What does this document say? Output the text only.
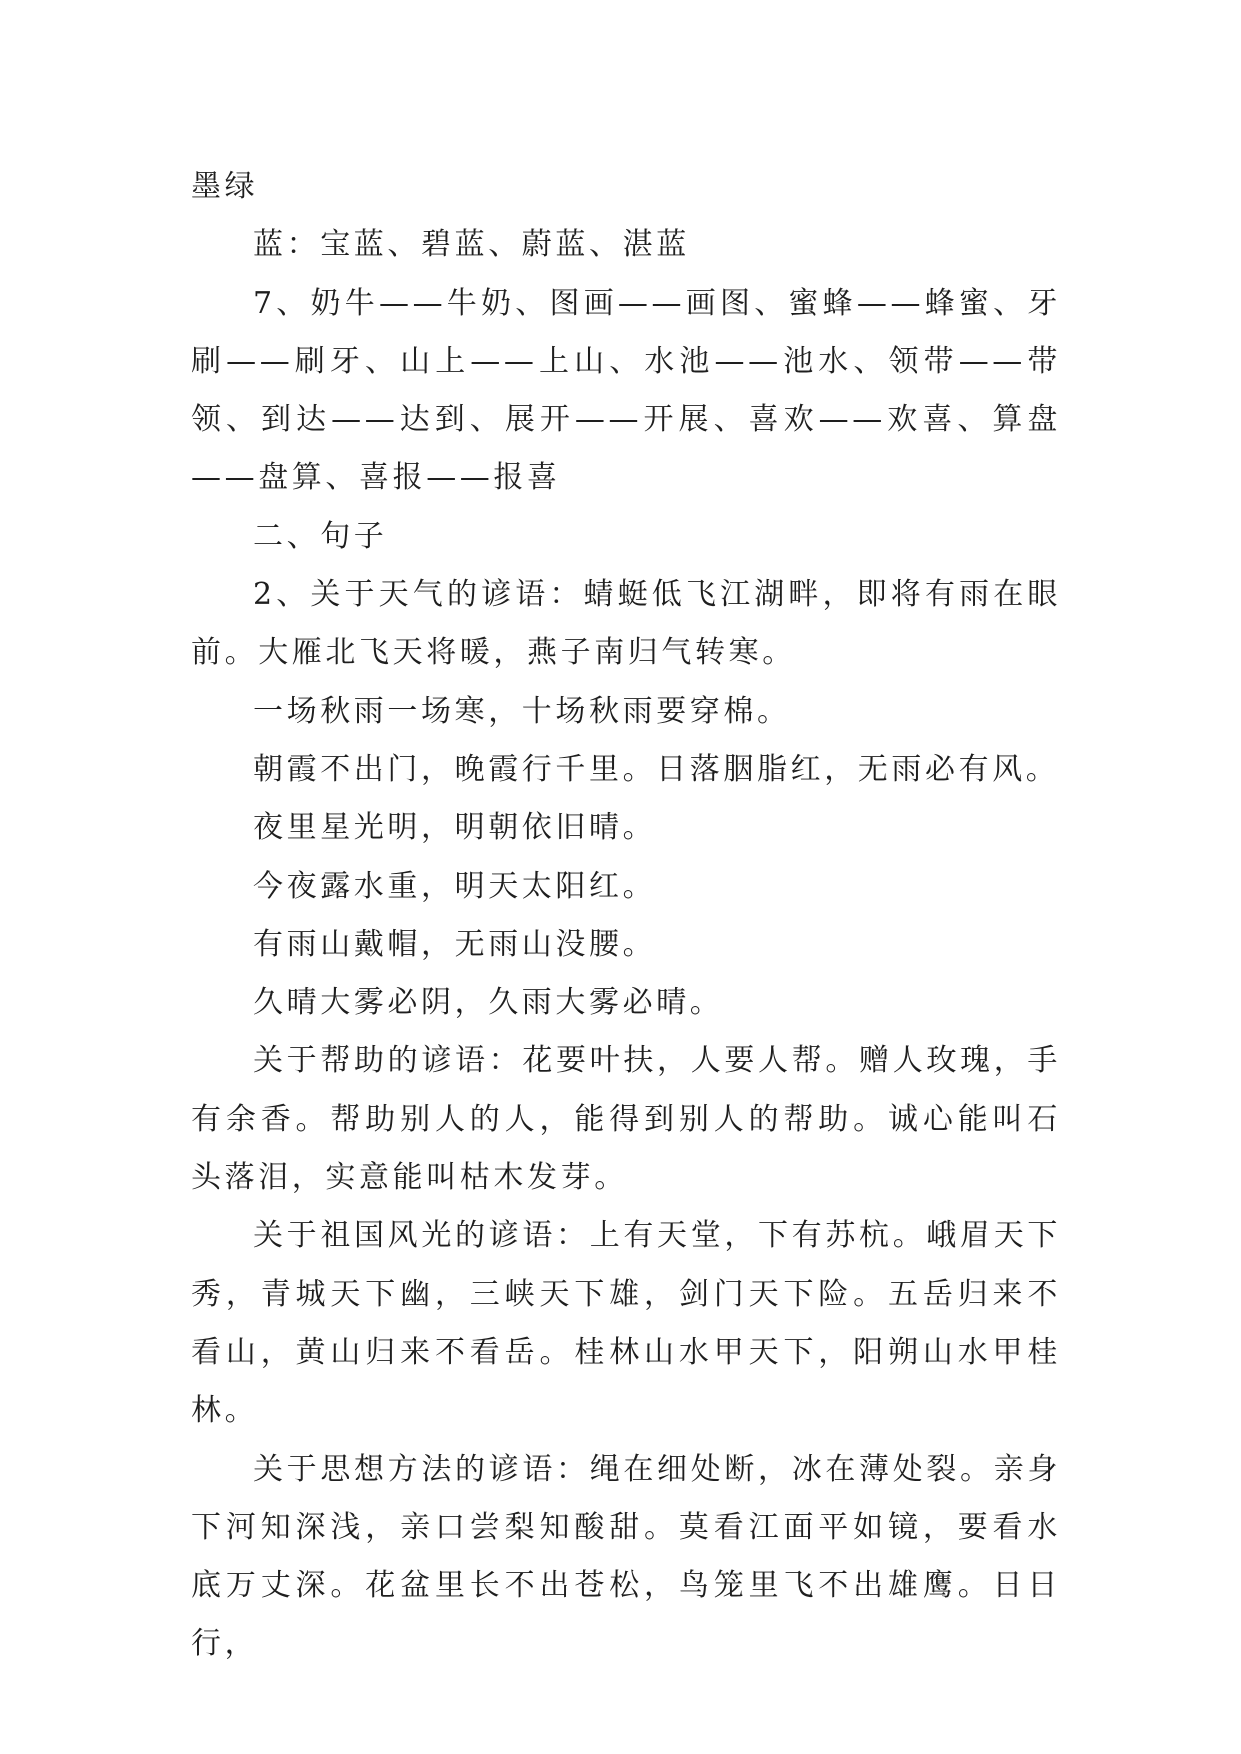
墨绿

蓝：宝蓝、碧蓝、蔚蓝、湛蓝

7、奶牛——牛奶、图画——画图、蜜蜂——蜂蜜、牙刷——刷牙、山上——上山、水池——池水、领带——带领、到达——达到、展开——开展、喜欢——欢喜、算盘——盘算、喜报——报喜

二、句子

2、关于天气的谚语：蜻蜓低飞江湖畔，即将有雨在眼前。大雁北飞天将暖，燕子南归气转寒。

一场秋雨一场寒，十场秋雨要穿棉。

朝霞不出门，晚霞行千里。日落胭脂红，无雨必有风。

夜里星光明，明朝依旧晴。

今夜露水重，明天太阳红。

有雨山戴帽，无雨山没腰。

久晴大雾必阴，久雨大雾必晴。

关于帮助的谚语：花要叶扶，人要人帮。赠人玫瑰，手有余香。帮助别人的人，能得到别人的帮助。诚心能叫石头落泪，实意能叫枯木发芽。

关于祖国风光的谚语：上有天堂，下有苏杭。峨眉天下秀，青城天下幽，三峡天下雄，剑门天下险。五岳归来不看山，黄山归来不看岳。桂林山水甲天下，阳朔山水甲桂林。

关于思想方法的谚语：绳在细处断，冰在薄处裂。亲身下河知深浅，亲口尝梨知酸甜。莫看江面平如镜，要看水底万丈深。花盆里长不出苍松，鸟笼里飞不出雄鹰。日日行，
